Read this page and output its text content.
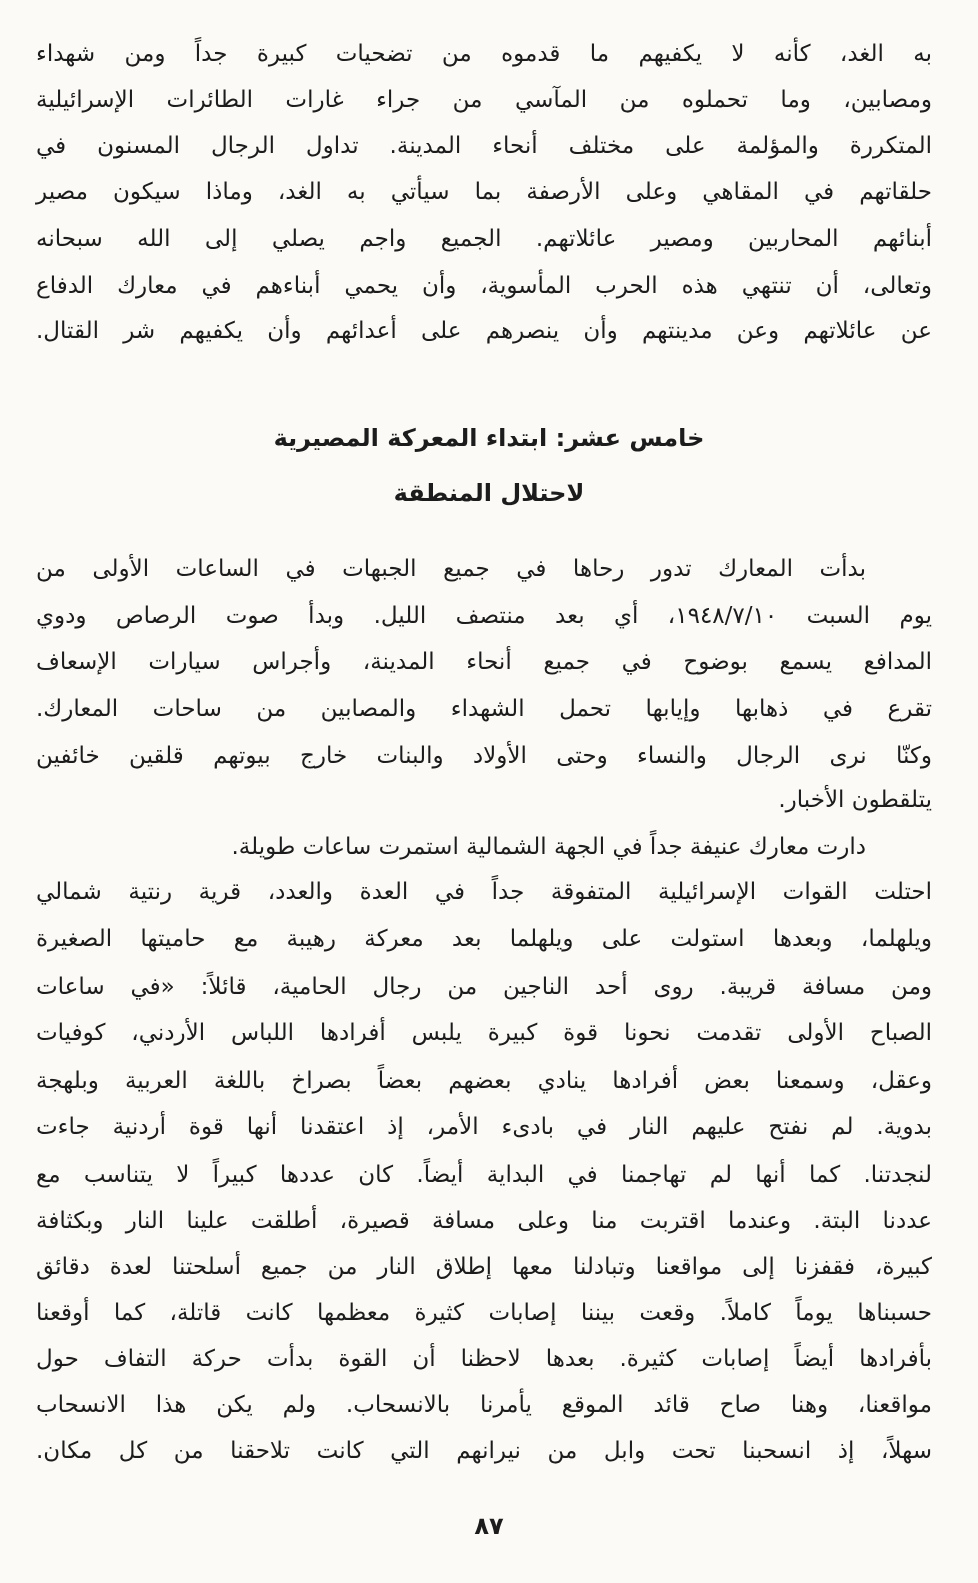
خامس عشر: ابتداء المعركة المصيرية
لاحتلال المنطقة
٨٧
به الغد، كأنه لا يكفيهم ما قدموه من تضحيات كبيرة جداً ومن شهداء
ومصابين، وما تحملوه من المآسي من جراء غارات الطائرات الإسرائيلية
المتكررة والمؤلمة على مختلف أنحاء المدينة. تداول الرجال المسنون في
حلقاتهم في المقاهي وعلى الأرصفة بما سيأتي به الغد، وماذا سيكون مصير
أبنائهم المحاربين ومصير عائلاتهم. الجميع واجم يصلي إلى الله سبحانه
وتعالى، أن تنتهي هذه الحرب المأسوية، وأن يحمي أبناءهم في معارك الدفاع
عن عائلاتهم وعن مدينتهم وأن ينصرهم على أعدائهم وأن يكفيهم شر القتال.
بدأت المعارك تدور رحاها في جميع الجبهات في الساعات الأولى من
يوم السبت ١٩٤٨/٧/١٠، أي بعد منتصف الليل. وبدأ صوت الرصاص ودوي
المدافع يسمع بوضوح في جميع أنحاء المدينة، وأجراس سيارات الإسعاف
تقرع في ذهابها وإيابها تحمل الشهداء والمصابين من ساحات المعارك.
وكنّا نرى الرجال والنساء وحتى الأولاد والبنات خارج بيوتهم قلقين خائفين
يتلقطون الأخبار.
دارت معارك عنيفة جداً في الجهة الشمالية استمرت ساعات طويلة.
احتلت القوات الإسرائيلية المتفوقة جداً في العدة والعدد، قرية رنتية شمالي
ويلهلما، وبعدها استولت على ويلهلما بعد معركة رهيبة مع حاميتها الصغيرة
ومن مسافة قريبة. روى أحد الناجين من رجال الحامية، قائلاً: «في ساعات
الصباح الأولى تقدمت نحونا قوة كبيرة يلبس أفرادها اللباس الأردني، كوفيات
وعقل، وسمعنا بعض أفرادها ينادي بعضهم بعضاً بصراخ باللغة العربية وبلهجة
بدوية. لم نفتح عليهم النار في بادىء الأمر، إذ اعتقدنا أنها قوة أردنية جاءت
لنجدتنا. كما أنها لم تهاجمنا في البداية أيضاً. كان عددها كبيراً لا يتناسب مع
عددنا البتة. وعندما اقتربت منا وعلى مسافة قصيرة، أطلقت علينا النار وبكثافة
كبيرة، فقفزنا إلى مواقعنا وتبادلنا معها إطلاق النار من جميع أسلحتنا لعدة دقائق
حسبناها يوماً كاملاً. وقعت بيننا إصابات كثيرة معظمها كانت قاتلة، كما أوقعنا
بأفرادها أيضاً إصابات كثيرة. بعدها لاحظنا أن القوة بدأت حركة التفاف حول
مواقعنا، وهنا صاح قائد الموقع يأمرنا بالانسحاب. ولم يكن هذا الانسحاب
سهلاً، إذ انسحبنا تحت وابل من نيرانهم التي كانت تلاحقنا من كل مكان.
